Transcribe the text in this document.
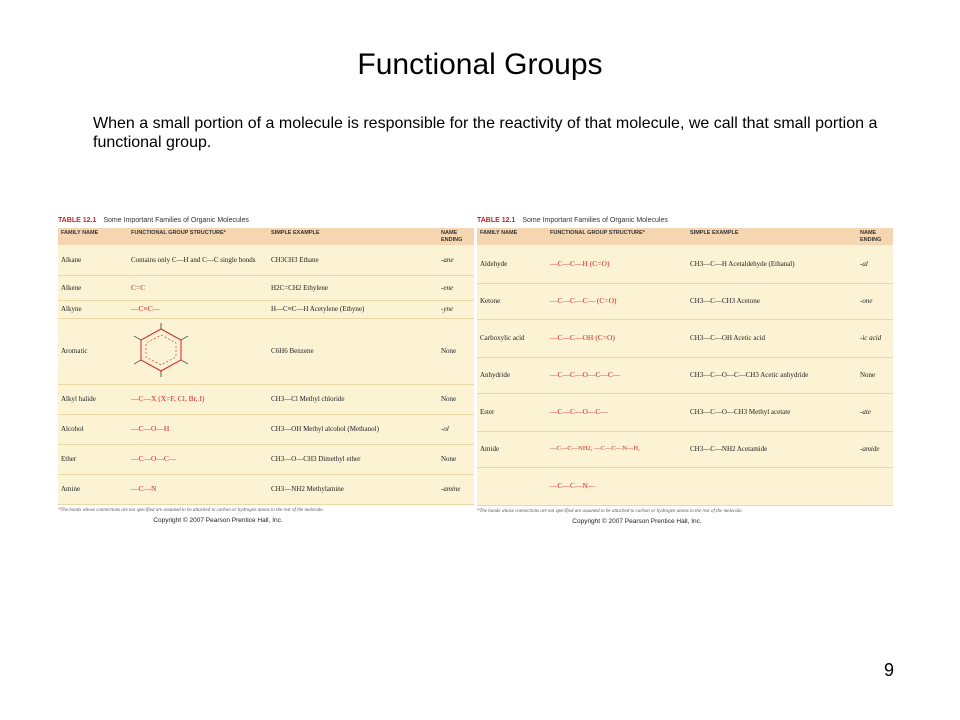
Functional Groups
When a small portion of a molecule is responsible for the reactivity of that molecule, we call that small portion a functional group.
TABLE 12.1 Some Important Families of Organic Molecules
FAMILY NAME	FUNCTIONAL GROUP STRUCTURE*	SIMPLE EXAMPLE	NAME ENDING
Alkane	Contains only C—H and C—C single bonds	CH3CH3 Ethane	-ane
Alkene	C=C	H2C=CH2 Ethylene	-ene
Alkyne	—C≡C—	H—C≡C—H Acetylene (Ethyne)	-yne
Aromatic		C6H6 Benzene	None
Alkyl halide	—C—X (X=F, Cl, Br, I)	CH3—Cl Methyl chloride	None
Alcohol	—C—O—H	CH3—OH Methyl alcohol (Methanol)	-ol
Ether	—C—O—C—	CH3—O—CH3 Dimethyl ether	None
Amine	—C—N	CH3—NH2 Methylamine	-amine
*The bonds whose connections are not specified are assumed to be attached to carbon or hydrogen atoms in the rest of the molecule.
Copyright © 2007 Pearson Prentice Hall, Inc.
TABLE 12.1 Some Important Families of Organic Molecules
FAMILY NAME	FUNCTIONAL GROUP STRUCTURE*	SIMPLE EXAMPLE	NAME ENDING
Aldehyde	—C—C—H (C=O)	CH3—C—H Acetaldehyde (Ethanal)	-al
Ketone	—C—C—C— (C=O)	CH3—C—CH3 Acetone	-one
Carboxylic acid	—C—C—OH (C=O)	CH3—C—OH Acetic acid	-ic acid
Anhydride	—C—C—O—C—C—	CH3—C—O—C—CH3 Acetic anhydride	None
Ester	—C—C—O—C—	CH3—C—O—CH3 Methyl acetate	-ate
Amide	—C—C—NH2, —C—C—N—H,	CH3—C—NH2 Acetamide	-amide
	—C—C—N—		
*The bonds whose connections are not specified are assumed to be attached to carbon or hydrogen atoms in the rest of the molecule.
Copyright © 2007 Pearson Prentice Hall, Inc.
9
